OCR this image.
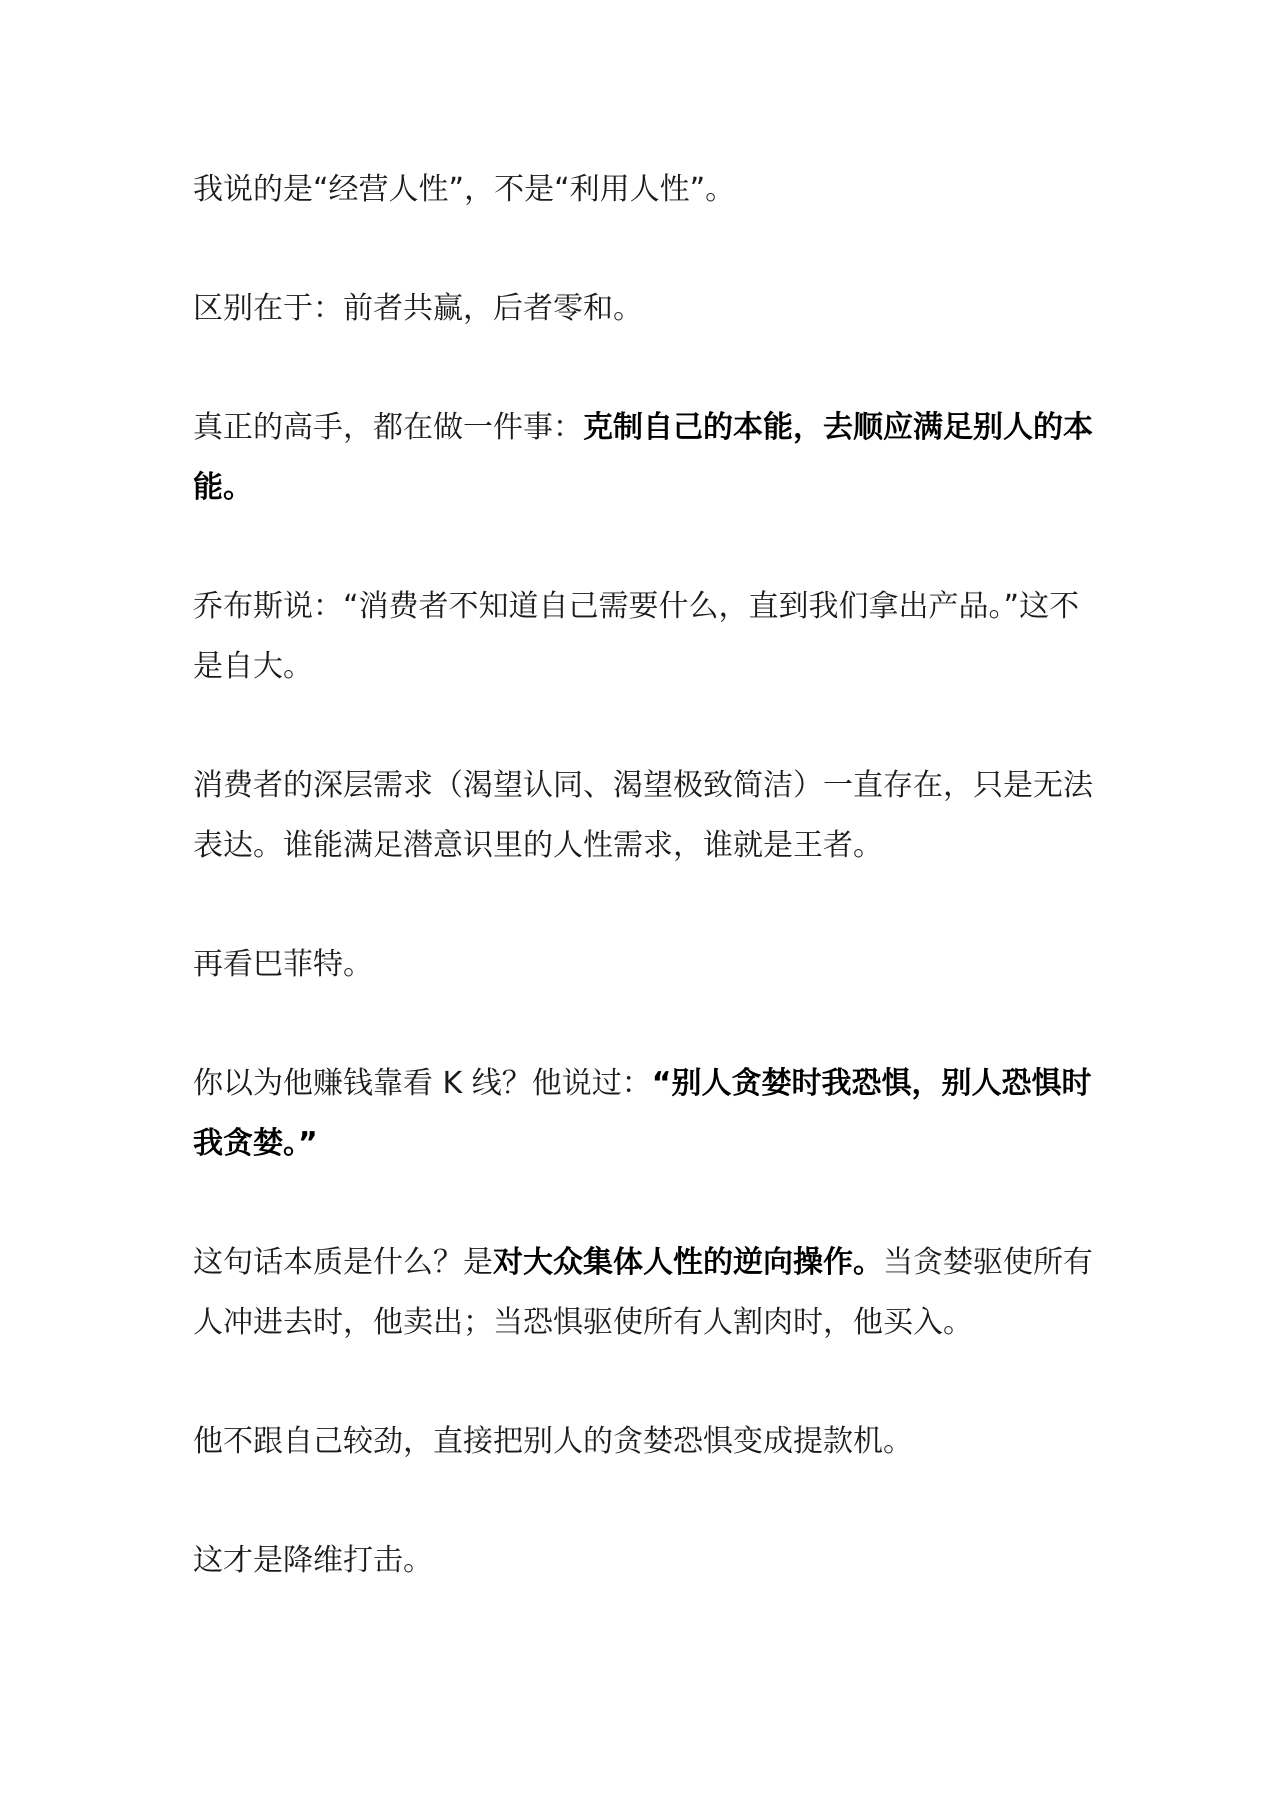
我说的是“经营人性”，不是“利用人性”。

区别在于：前者共赢，后者零和。

真正的高手，都在做一件事：克制自己的本能，去顺应满足别人的本能。

乔布斯说：“消费者不知道自己需要什么，直到我们拿出产品。”这不是自大。

消费者的深层需求（渴望认同、渴望极致简洁）一直存在，只是无法表达。谁能满足潜意识里的人性需求，谁就是王者。

再看巴菲特。

你以为他赚钱靠看 K 线？他说过：“别人贪婪时我恐惧，别人恐惧时我贪婪。”

这句话本质是什么？是对大众集体人性的逆向操作。当贪婪驱使所有人冲进去时，他卖出；当恐惧驱使所有人割肉时，他买入。

他不跟自己较劲，直接把别人的贪婪恐惧变成提款机。

这才是降维打击。
